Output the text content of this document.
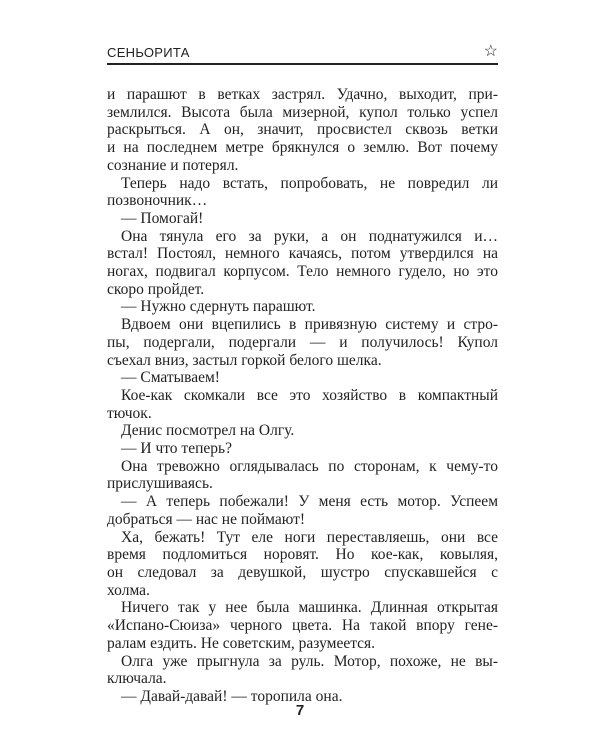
СЕНЬОРИТА	☆
и парашют в ветках застрял. Удачно, выходит, при-
землился. Высота была мизерной, купол только успел
раскрыться. А он, значит, просвистел сквозь ветки
и на последнем метре брякнулся о землю. Вот почему
сознание и потерял.
Теперь надо встать, попробовать, не повредил ли
позвоночник…
— Помогай!
Она тянула его за руки, а он поднатужился и…
встал! Постоял, немного качаясь, потом утвердился на
ногах, подвигал корпусом. Тело немного гудело, но это
скоро пройдет.
— Нужно сдернуть парашют.
Вдвоем они вцепились в привязную систему и стро-
пы, подергали, подергали — и получилось! Купол
съехал вниз, застыл горкой белого шелка.
— Сматываем!
Кое-как скомкали все это хозяйство в компактный
тючок.
Денис посмотрел на Олгу.
— И что теперь?
Она тревожно оглядывалась по сторонам, к чему-то
прислушиваясь.
— А теперь побежали! У меня есть мотор. Успеем
добраться — нас не поймают!
Ха, бежать! Тут еле ноги переставляешь, они все
время подломиться норовят. Но кое-как, ковыляя,
он следовал за девушкой, шустро спускавшейся с
холма.
Ничего так у нее была машинка. Длинная открытая
«Испано-Сюиза» черного цвета. На такой впору гене-
ралам ездить. Не советским, разумеется.
Олга уже прыгнула за руль. Мотор, похоже, не вы-
ключала.
— Давай-давай! — торопила она.
7
